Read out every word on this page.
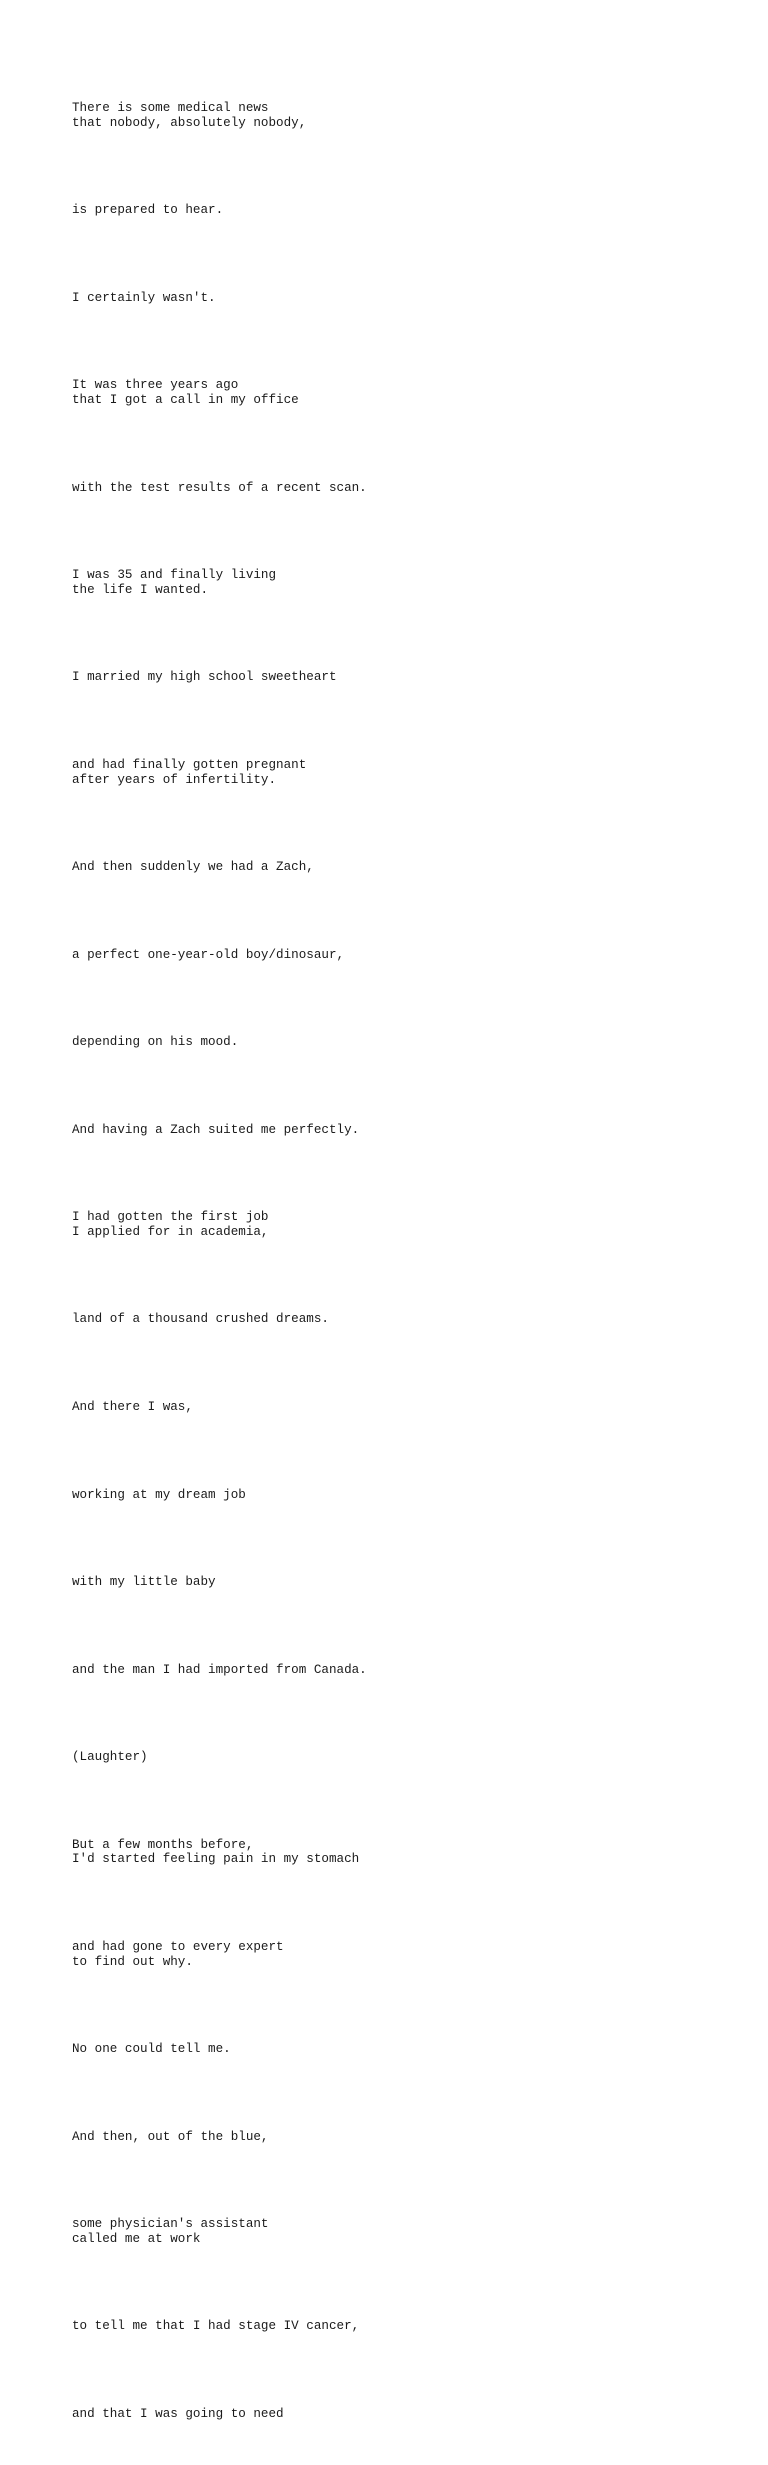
There is some medical news
that nobody, absolutely nobody,

is prepared to hear.

I certainly wasn't.

It was three years ago
that I got a call in my office

with the test results of a recent scan.

I was 35 and finally living
the life I wanted.

I married my high school sweetheart

and had finally gotten pregnant
after years of infertility.

And then suddenly we had a Zach,

a perfect one-year-old boy/dinosaur,

depending on his mood.

And having a Zach suited me perfectly.

I had gotten the first job
I applied for in academia,

land of a thousand crushed dreams.

And there I was,

working at my dream job

with my little baby

and the man I had imported from Canada.

(Laughter)

But a few months before,
I'd started feeling pain in my stomach

and had gone to every expert
to find out why.

No one could tell me.

And then, out of the blue,

some physician's assistant
called me at work

to tell me that I had stage IV cancer,

and that I was going to need
